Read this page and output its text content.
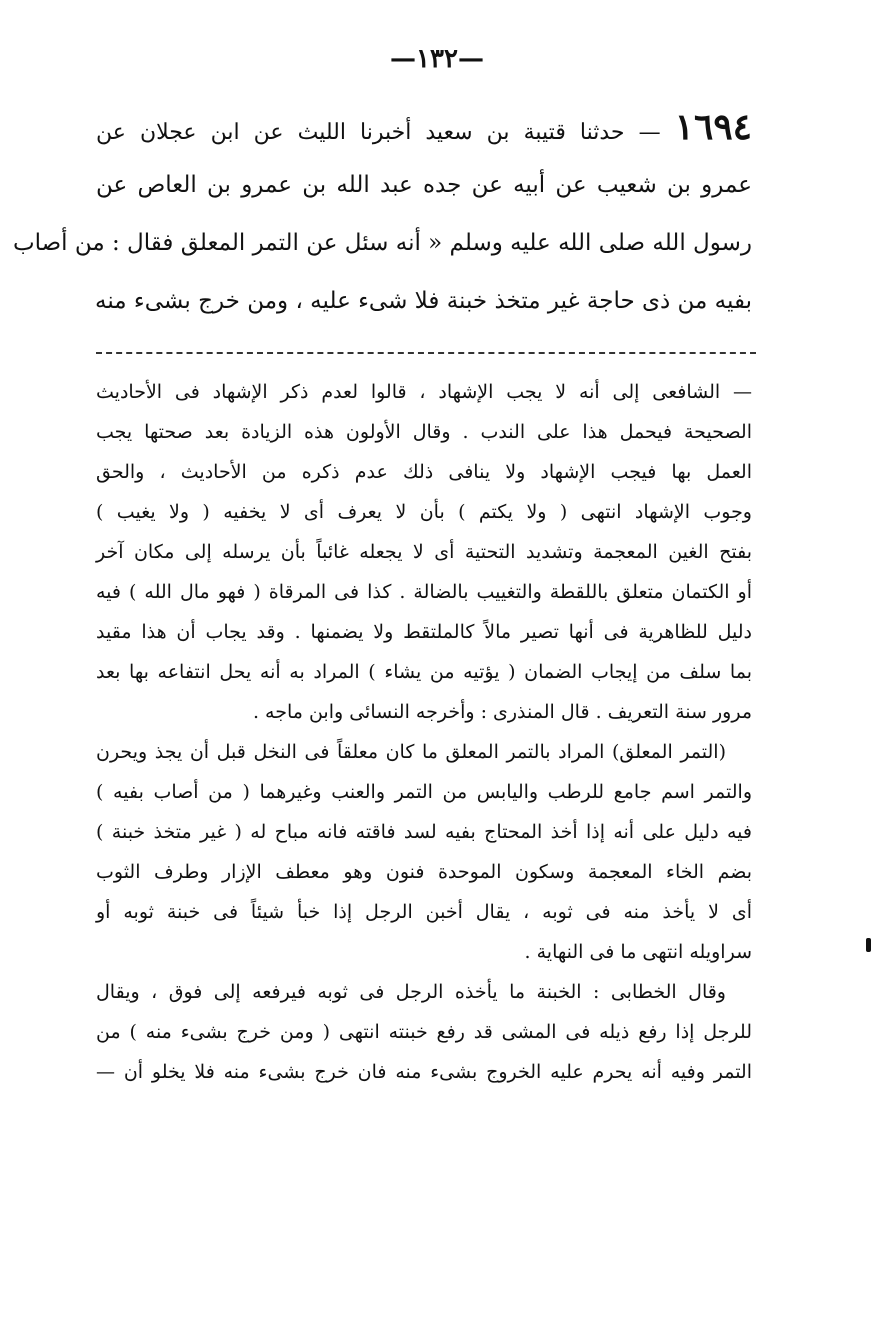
—١٣٢—
١٦٩٤ — حدثنا قتيبة بن سعيد أخبرنا الليث عن ابن عجلان عن
عمرو بن شعيب عن أبيه عن جده عبد الله بن عمرو بن العاص عن
رسول الله صلى الله عليه وسلم « أنه سئل عن التمر المعلق فقال : من أصاب
بفيه من ذى حاجة غير متخذ خبنة فلا شىء عليه ، ومن خرج بشىء منه
— الشافعى إلى أنه لا يجب الإشهاد ، قالوا لعدم ذكر الإشهاد فى الأحاديث
الصحيحة فيحمل هذا على الندب . وقال الأولون هذه الزيادة بعد صحتها يجب
العمل بها فيجب الإشهاد ولا ينافى ذلك عدم ذكره من الأحاديث ، والحق
وجوب الإشهاد انتهى ( ولا يكتم ) بأن لا يعرف أى لا يخفيه ( ولا يغيب )
بفتح الغين المعجمة وتشديد التحتية أى لا يجعله غائباً بأن يرسله إلى مكان آخر
أو الكتمان متعلق باللقطة والتغييب بالضالة . كذا فى المرقاة ( فهو مال الله ) فيه
دليل للظاهرية فى أنها تصير مالاً كالملتقط ولا يضمنها . وقد يجاب أن هذا مقيد
بما سلف من إيجاب الضمان ( يؤتيه من يشاء ) المراد به أنه يحل انتفاعه بها بعد
مرور سنة التعريف . قال المنذرى : وأخرجه النسائى وابن ماجه .
(التمر المعلق) المراد بالتمر المعلق ما كان معلقاً فى النخل قبل أن يجذ ويحرن
والتمر اسم جامع للرطب واليابس من التمر والعنب وغيرهما ( من أصاب بفيه )
فيه دليل على أنه إذا أخذ المحتاج بفيه لسد فاقته فانه مباح له ( غير متخذ خبنة )
بضم الخاء المعجمة وسكون الموحدة فنون وهو معطف الإزار وطرف الثوب
أى لا يأخذ منه فى ثوبه ، يقال أخبن الرجل إذا خبأ شيئاً فى خبنة ثوبه أو
سراويله انتهى ما فى النهاية .
وقال الخطابى : الخبنة ما يأخذه الرجل فى ثوبه فيرفعه إلى فوق ، ويقال
للرجل إذا رفع ذيله فى المشى قد رفع خبنته انتهى ( ومن خرج بشىء منه ) من
التمر وفيه أنه يحرم عليه الخروج بشىء منه فان خرج بشىء منه فلا يخلو أن —
